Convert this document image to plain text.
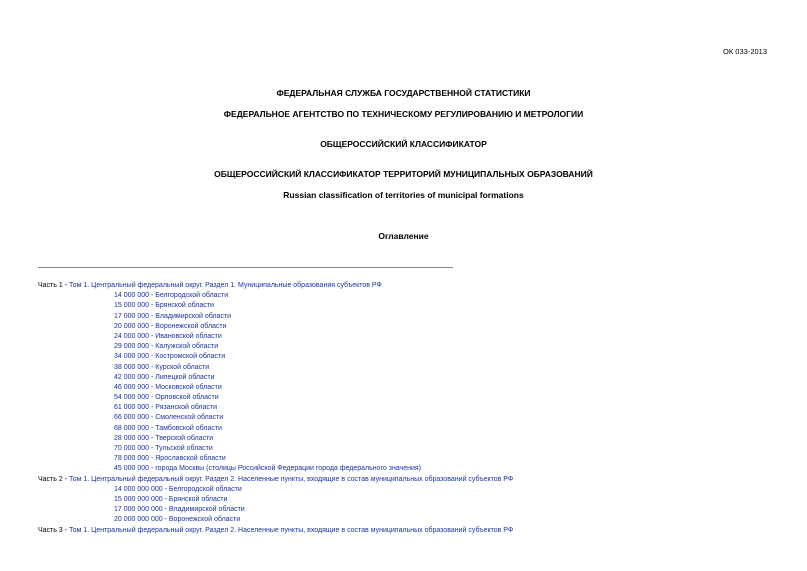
ОК 033-2013
ФЕДЕРАЛЬНАЯ СЛУЖБА ГОСУДАРСТВЕННОЙ СТАТИСТИКИ
ФЕДЕРАЛЬНОЕ АГЕНТСТВО ПО ТЕХНИЧЕСКОМУ РЕГУЛИРОВАНИЮ И МЕТРОЛОГИИ
ОБЩЕРОССИЙСКИЙ КЛАССИФИКАТОР
ОБЩЕРОССИЙСКИЙ КЛАССИФИКАТОР ТЕРРИТОРИЙ МУНИЦИПАЛЬНЫХ ОБРАЗОВАНИЙ
Russian classification of territories of municipal formations
Оглавление
Часть 1 - Том 1. Центральный федеральный округ. Раздел 1. Муниципальные образования субъектов РФ
14 000 000 - Белгородской области
15 000 000 - Брянской области
17 000 000 - Владимирской области
20 000 000 - Воронежской области
24 000 000 - Ивановской области
29 000 000 - Калужской области
34 000 000 - Костромской области
38 000 000 - Курской области
42 000 000 - Липецкой области
46 000 000 - Московской области
54 000 000 - Орловской области
61 000 000 - Рязанской области
66 000 000 - Смоленской области
68 000 000 - Тамбовской области
28 000 000 - Тверской области
70 000 000 - Тульской области
78 000 000 - Ярославской области
45 000 000 - города Москвы (столицы Российской Федерации города федерального значения)
Часть 2 - Том 1. Центральный федеральный округ. Раздел 2. Населенные пункты, входящие в состав муниципальных образований субъектов РФ
14 000 000 000 - Белгородской области
15 000 000 000 - Брянской области
17 000 000 000 - Владимирской области
20 000 000 000 - Воронежской области
Часть 3 - Том 1. Центральный федеральный округ. Раздел 2. Населенные пункты, входящие в состав муниципальных образований субъектов РФ
